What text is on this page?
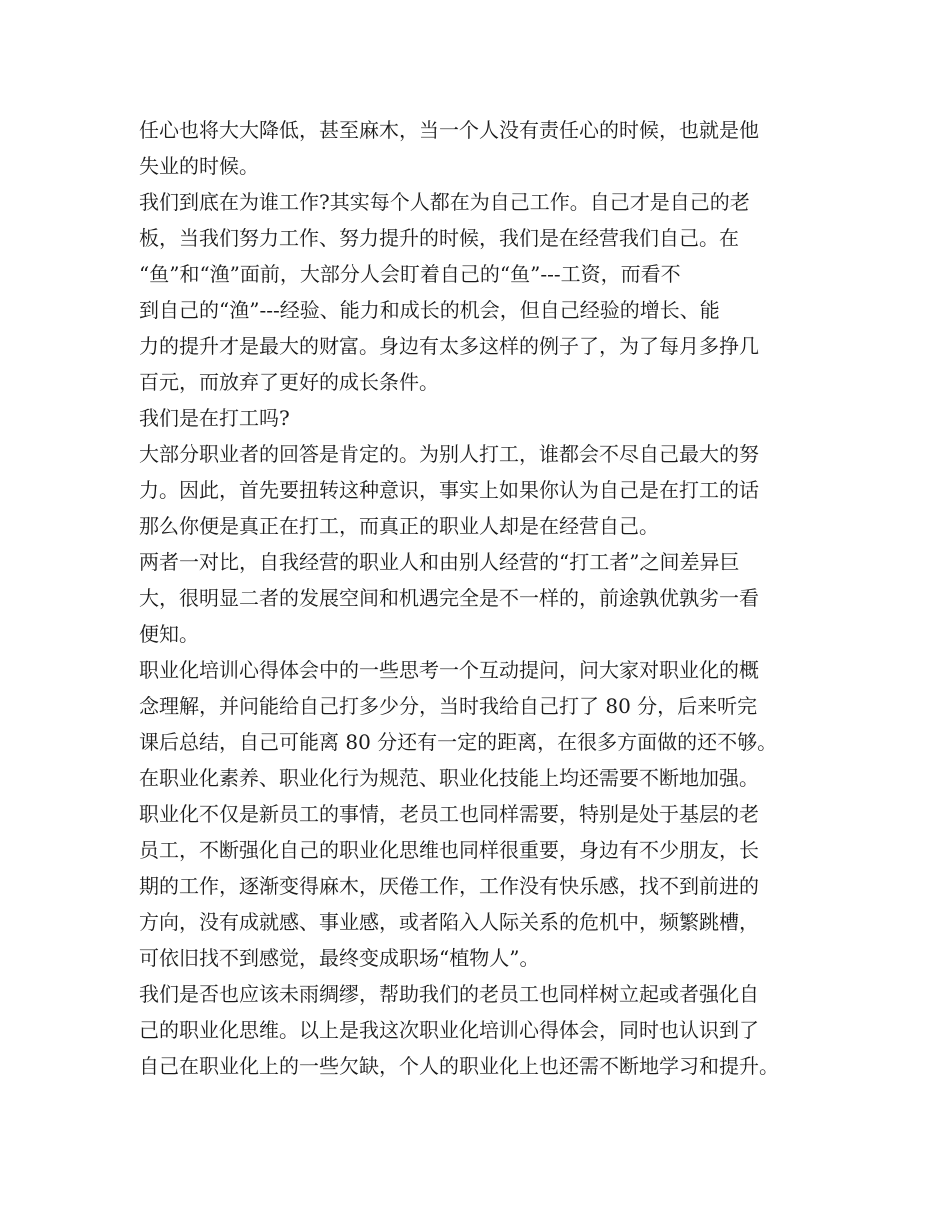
任心也将大大降低，甚至麻木，当一个人没有责任心的时候，也就是他
失业的时候。
我们到底在为谁工作?其实每个人都在为自己工作。自己才是自己的老
板，当我们努力工作、努力提升的时候，我们是在经营我们自己。在
“鱼”和“渔”面前，大部分人会盯着自己的“鱼”---工资，而看不
到自己的“渔”---经验、能力和成长的机会，但自己经验的增长、能
力的提升才是最大的财富。身边有太多这样的例子了，为了每月多挣几
百元，而放弃了更好的成长条件。
我们是在打工吗?
大部分职业者的回答是肯定的。为别人打工，谁都会不尽自己最大的努
力。因此，首先要扭转这种意识，事实上如果你认为自己是在打工的话
那么你便是真正在打工，而真正的职业人却是在经营自己。
两者一对比，自我经营的职业人和由别人经营的“打工者”之间差异巨
大，很明显二者的发展空间和机遇完全是不一样的，前途孰优孰劣一看
便知。
职业化培训心得体会中的一些思考一个互动提问，问大家对职业化的概
念理解，并问能给自己打多少分，当时我给自己打了 80 分，后来听完
课后总结，自己可能离 80 分还有一定的距离，在很多方面做的还不够。
在职业化素养、职业化行为规范、职业化技能上均还需要不断地加强。
职业化不仅是新员工的事情，老员工也同样需要，特别是处于基层的老
员工，不断强化自己的职业化思维也同样很重要，身边有不少朋友，长
期的工作，逐渐变得麻木，厌倦工作，工作没有快乐感，找不到前进的
方向，没有成就感、事业感，或者陷入人际关系的危机中，频繁跳槽，
可依旧找不到感觉，最终变成职场“植物人”。
我们是否也应该未雨绸缪，帮助我们的老员工也同样树立起或者强化自
己的职业化思维。以上是我这次职业化培训心得体会，同时也认识到了
自己在职业化上的一些欠缺，个人的职业化上也还需不断地学习和提升。
